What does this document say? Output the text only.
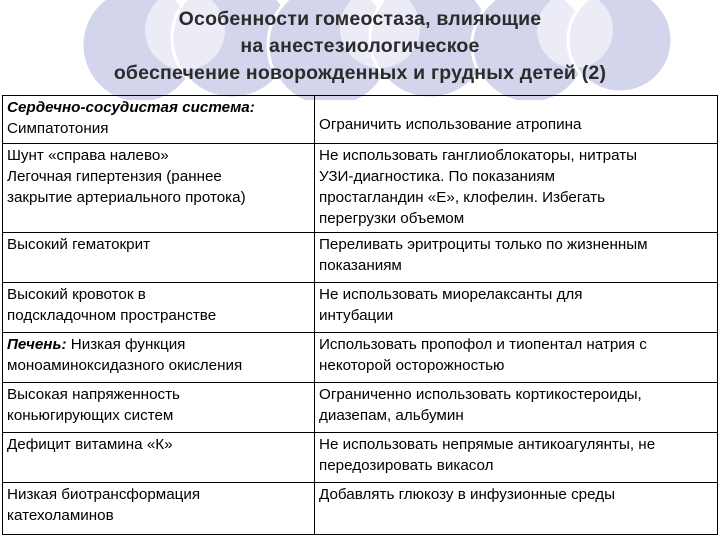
Особенности гомеостаза, влияющие
на анестезиологическое
обеспечение новорожденных и грудных детей (2)
Сердечно-сосудистая система:
Симпатотония	Ограничить использование атропина

Шунт «справа налево»
Легочная гипертензия (раннее
закрытие артериального протока)	Не использовать ганглиоблокаторы, нитраты
УЗИ-диагностика. По показаниям
простагландин «Е», клофелин. Избегать
перегрузки объемом

Высокий гематокрит	Переливать эритроциты только по жизненным
показаниям

Высокий кровоток в
подскладочном пространстве	Не использовать миорелаксанты для
интубации

Печень: Низкая функция
моноаминоксидазного окисления	Использовать пропофол и тиопентал натрия с
некоторой осторожностью

Высокая напряженность
коньюгирующих систем	Ограниченно использовать кортикостероиды,
диазепам, альбумин

Дефицит витамина «К»	Не использовать непрямые антикоагулянты, не
передозировать викасол

Низкая биотрансформация
катехоламинов	Добавлять глюкозу в инфузионные среды
